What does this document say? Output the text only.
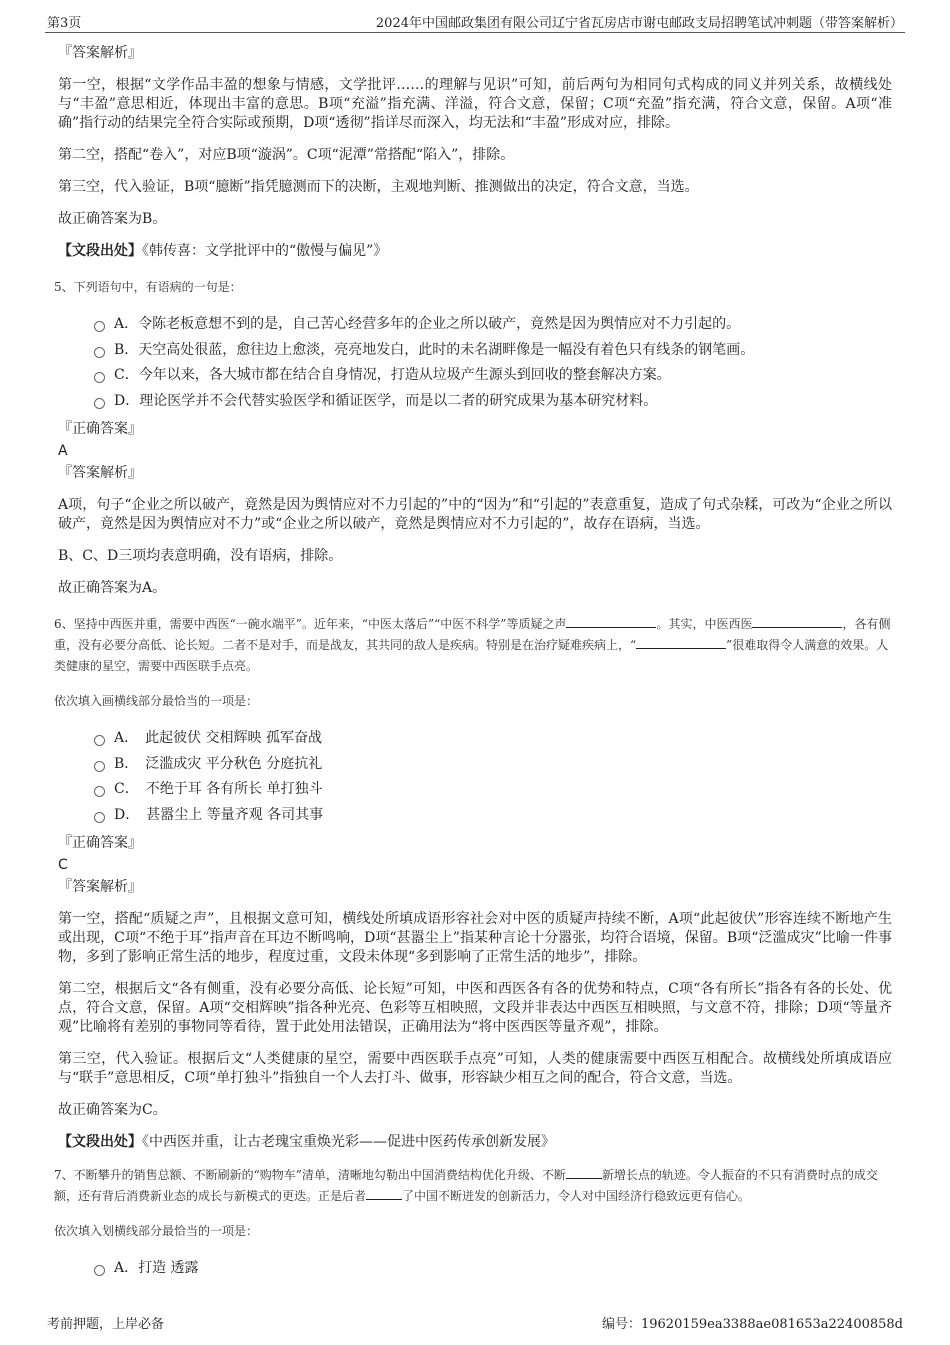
第3页	2024年中国邮政集团有限公司辽宁省瓦房店市谢屯邮政支局招聘笔试冲刺题（带答案解析）
『答案解析』

第一空，根据“文学作品丰盈的想象与情感，文学批评……的理解与见识”可知，前后两句为相同句式构成的同义并列关系，故横线处与“丰盈”意思相近，体现出丰富的意思。B项“充溢”指充满、洋溢，符合文意，保留；C项“充盈”指充满，符合文意，保留。A项“准确”指行动的结果完全符合实际或预期，D项“透彻”指详尽而深入，均无法和“丰盈”形成对应，排除。

第二空，搭配“卷入”，对应B项“漩涡”。C项“泥潭”常搭配“陷入”，排除。

第三空，代入验证，B项“臆断”指凭臆测而下的决断，主观地判断、推测做出的决定，符合文意，当选。

故正确答案为B。

【文段出处】《韩传喜：文学批评中的“傲慢与偏见”》

5、下列语句中，有语病的一句是：

A．令陈老板意想不到的是，自己苦心经营多年的企业之所以破产，竟然是因为舆情应对不力引起的。
B．天空高处很蓝，愈往边上愈淡，亮亮地发白，此时的未名湖畔像是一幅没有着色只有线条的钢笔画。
C．今年以来，各大城市都在结合自身情况，打造从垃圾产生源头到回收的整套解决方案。
D．理论医学并不会代替实验医学和循证医学，而是以二者的研究成果为基本研究材料。
『正确答案』
A
『答案解析』

A项，句子“企业之所以破产，竟然是因为舆情应对不力引起的”中的“因为”和“引起的”表意重复，造成了句式杂糅，可改为“企业之所以破产，竟然是因为舆情应对不力”或“企业之所以破产，竟然是舆情应对不力引起的”，故存在语病，当选。

B、C、D三项均表意明确，没有语病，排除。

故正确答案为A。

6、坚持中西医并重，需要中西医“一碗水端平”。近年来，“中医太落后”“中医不科学”等质疑之声	。其实，中医西医	，各有侧重，没有必要分高低、论长短。二者不是对手，而是战友，其共同的敌人是疾病。特别是在治疗疑难疾病上，“	”很难取得令人满意的效果。人类健康的星空，需要中西医联手点亮。

依次填入画横线部分最恰当的一项是：

A．　此起彼伏 交相辉映 孤军奋战
B．　泛滥成灾 平分秋色 分庭抗礼
C．　不绝于耳 各有所长 单打独斗
D．　甚嚣尘上 等量齐观 各司其事
『正确答案』
C
『答案解析』

第一空，搭配“质疑之声”，且根据文意可知，横线处所填成语形容社会对中医的质疑声持续不断，A项“此起彼伏”形容连续不断地产生或出现，C项“不绝于耳”指声音在耳边不断鸣响，D项“甚嚣尘上”指某种言论十分嚣张，均符合语境，保留。B项“泛滥成灾”比喻一件事物，多到了影响正常生活的地步，程度过重，文段未体现“多到影响了正常生活的地步”，排除。

第二空，根据后文“各有侧重，没有必要分高低、论长短”可知，中医和西医各有各的优势和特点，C项“各有所长”指各有各的长处、优点，符合文意，保留。A项“交相辉映”指各种光亮、色彩等互相映照，文段并非表达中西医互相映照，与文意不符，排除；D项“等量齐观”比喻将有差别的事物同等看待，置于此处用法错误，正确用法为“将中医西医等量齐观”，排除。

第三空，代入验证。根据后文“人类健康的星空，需要中西医联手点亮”可知，人类的健康需要中西医互相配合。故横线处所填成语应与“联手”意思相反，C项“单打独斗”指独自一个人去打斗、做事，形容缺少相互之间的配合，符合文意，当选。

故正确答案为C。

【文段出处】《中西医并重，让古老瑰宝重焕光彩——促进中医药传承创新发展》

7、不断攀升的销售总额、不断刷新的“购物车”清单，清晰地勾勒出中国消费结构优化升级、不断	新增长点的轨迹。令人振奋的不只有消费时点的成交额，还有背后消费新业态的成长与新模式的更迭。正是后者	了中国不断迸发的创新活力，令人对中国经济行稳致远更有信心。

依次填入划横线部分最恰当的一项是：

A．打造 透露
考前押题，上岸必备	编号：19620159ea3388ae081653a22400858d
